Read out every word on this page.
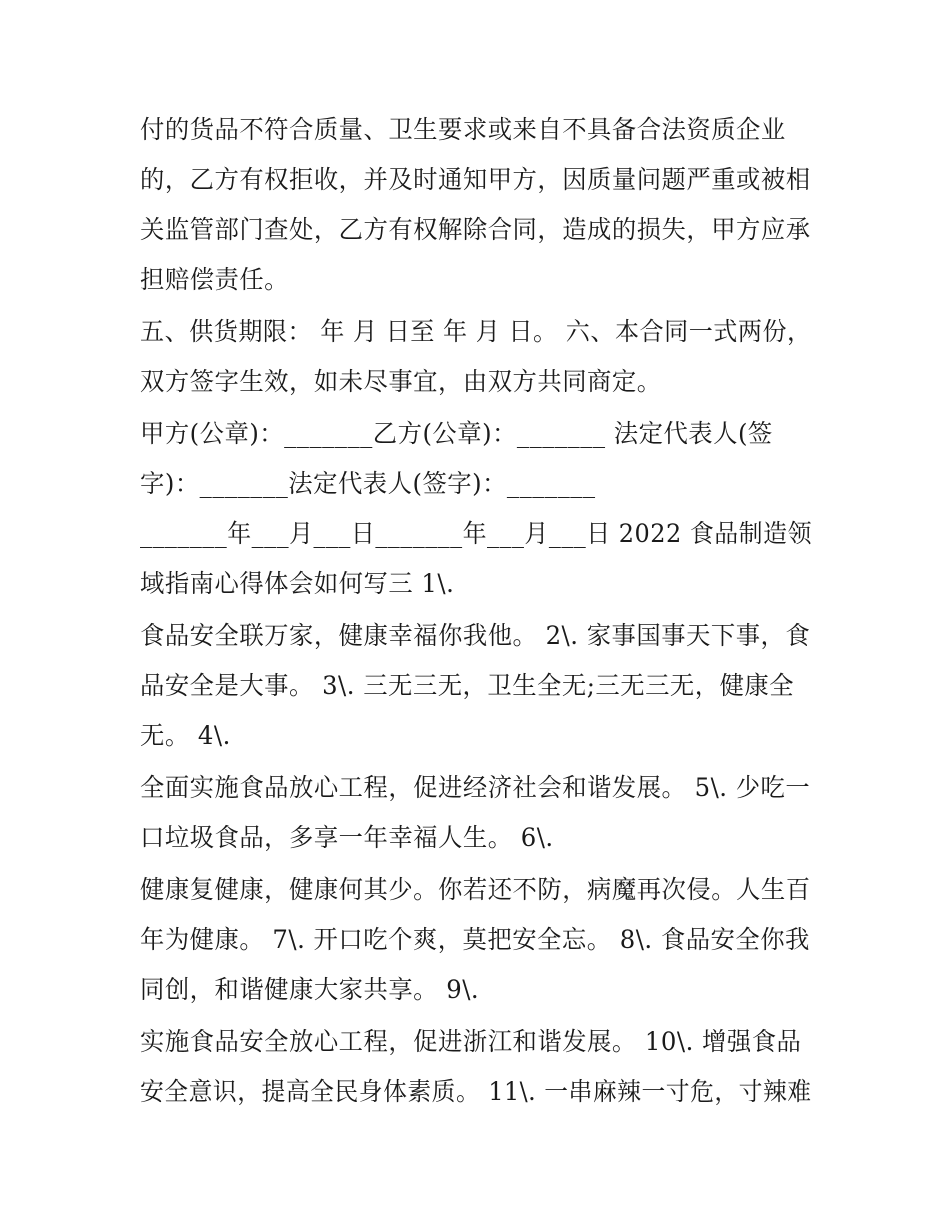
付的货品不符合质量、卫生要求或来自不具备合法资质企业
的，乙方有权拒收，并及时通知甲方，因质量问题严重或被相
关监管部门查处，乙方有权解除合同，造成的损失，甲方应承
担赔偿责任。
五、供货期限： 年 月 日至 年 月 日。 六、本合同一式两份，
双方签字生效，如未尽事宜，由双方共同商定。
甲方(公章)：_______乙方(公章)：_______ 法定代表人(签
字)：_______法定代表人(签字)：_______
_______年___月___日_______年___月___日 2022 食品制造领
域指南心得体会如何写三 1\.
食品安全联万家，健康幸福你我他。 2\. 家事国事天下事，食
品安全是大事。 3\. 三无三无，卫生全无;三无三无，健康全
无。 4\.
全面实施食品放心工程，促进经济社会和谐发展。 5\. 少吃一
口垃圾食品，多享一年幸福人生。 6\.
健康复健康，健康何其少。你若还不防，病魔再次侵。人生百
年为健康。 7\. 开口吃个爽，莫把安全忘。 8\. 食品安全你我
同创，和谐健康大家共享。 9\.
实施食品安全放心工程，促进浙江和谐发展。 10\. 增强食品
安全意识，提高全民身体素质。 11\. 一串麻辣一寸危，寸辣难
